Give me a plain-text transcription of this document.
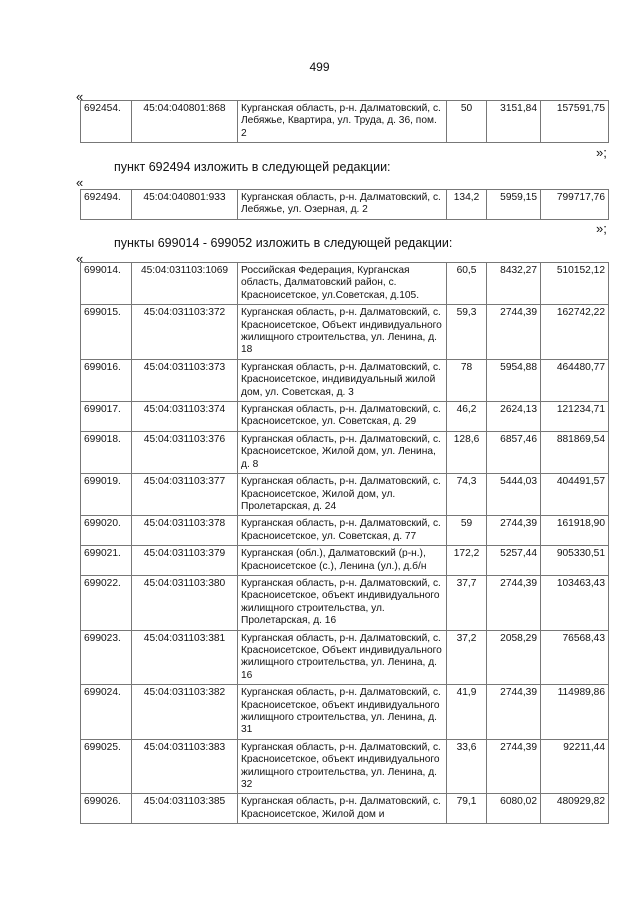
499
«
692454.	45:04:040801:868	Курганская область, р-н. Далматовский, с. Лебяжье, Квартира, ул. Труда, д. 36, пом. 2	50	3151,84	157591,75
»;
пункт 692494 изложить в следующей редакции:
«
692494.	45:04:040801:933	Курганская область, р-н. Далматовский, с. Лебяжье, ул. Озерная, д. 2	134,2	5959,15	799717,76
»;
пункты 699014 - 699052 изложить в следующей редакции:
«
699014.	45:04:031103:1069	Российская Федерация, Курганская область, Далматовский район, с. Красноисетское, ул.Советская, д.105.	60,5	8432,27	510152,12
699015.	45:04:031103:372	Курганская область, р-н. Далматовский, с. Красноисетское, Объект индивидуального жилищного строительства, ул. Ленина, д. 18	59,3	2744,39	162742,22
699016.	45:04:031103:373	Курганская область, р-н. Далматовский, с. Красноисетское, индивидуальный жилой дом, ул. Советская, д. 3	78	5954,88	464480,77
699017.	45:04:031103:374	Курганская область, р-н. Далматовский, с. Красноисетское, ул. Советская, д. 29	46,2	2624,13	121234,71
699018.	45:04:031103:376	Курганская область, р-н. Далматовский, с. Красноисетское, Жилой дом, ул. Ленина, д. 8	128,6	6857,46	881869,54
699019.	45:04:031103:377	Курганская область, р-н. Далматовский, с. Красноисетское, Жилой дом, ул. Пролетарская, д. 24	74,3	5444,03	404491,57
699020.	45:04:031103:378	Курганская область, р-н. Далматовский, с. Красноисетское, ул. Советская, д. 77	59	2744,39	161918,90
699021.	45:04:031103:379	Курганская (обл.), Далматовский (р-н.), Красноисетское (с.), Ленина (ул.), д.б/н	172,2	5257,44	905330,51
699022.	45:04:031103:380	Курганская область, р-н. Далматовский, с. Красноисетское, объект индивидуального жилищного строительства, ул. Пролетарская, д. 16	37,7	2744,39	103463,43
699023.	45:04:031103:381	Курганская область, р-н. Далматовский, с. Красноисетское, Объект индивидуального жилищного строительства, ул. Ленина, д. 16	37,2	2058,29	76568,43
699024.	45:04:031103:382	Курганская область, р-н. Далматовский, с. Красноисетское, объект индивидуального жилищного строительства, ул. Ленина, д. 31	41,9	2744,39	114989,86
699025.	45:04:031103:383	Курганская область, р-н. Далматовский, с. Красноисетское, объект индивидуального жилищного строительства, ул. Ленина, д. 32	33,6	2744,39	92211,44
699026.	45:04:031103:385	Курганская область, р-н. Далматовский, с. Красноисетское, Жилой дом и	79,1	6080,02	480929,82
